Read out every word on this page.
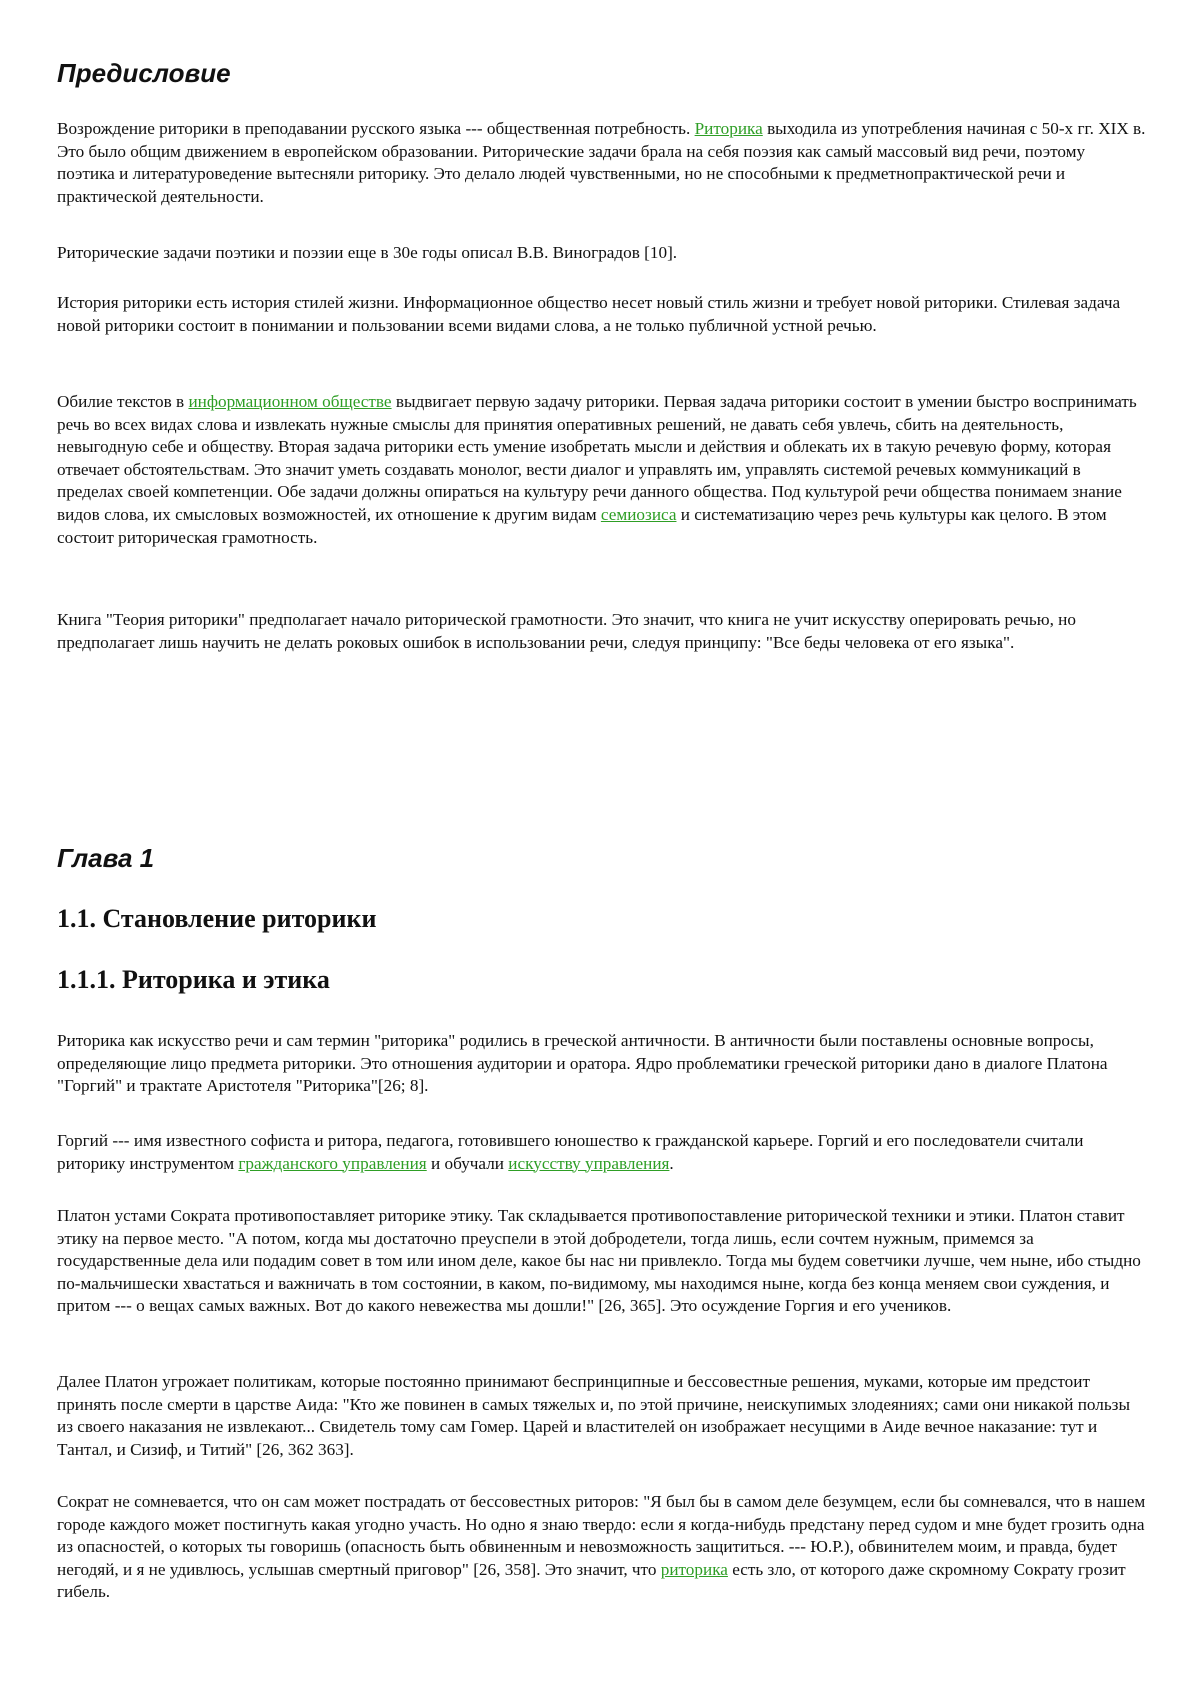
Предисловие

Возрождение риторики в преподавании русского языка --- общественная потребность. Риторика выходила из употребления начиная с 50-х гг. XIX в. Это было общим движением в европейском образовании. Риторические задачи брала на себя поэзия как самый массовый вид речи, поэтому поэтика и литературоведение вытесняли риторику. Это делало людей чувственными, но не способными к предметнопрактической речи и практической деятельности.

Риторические задачи поэтики и поэзии еще в 30е годы описал В.В. Виноградов [10].

История риторики есть история стилей жизни. Информационное общество несет новый стиль жизни и требует новой риторики. Стилевая задача новой риторики состоит в понимании и пользовании всеми видами слова, а не только публичной устной речью.

Обилие текстов в информационном обществе выдвигает первую задачу риторики. Первая задача риторики состоит в умении быстро воспринимать речь во всех видах слова и извлекать нужные смыслы для принятия оперативных решений, не давать себя увлечь, сбить на деятельность, невыгодную себе и обществу. Вторая задача риторики есть умение изобретать мысли и действия и облекать их в такую речевую форму, которая отвечает обстоятельствам. Это значит уметь создавать монолог, вести диалог и управлять им, управлять системой речевых коммуникаций в пределах своей компетенции. Обе задачи должны опираться на культуру речи данного общества. Под культурой речи общества понимаем знание видов слова, их смысловых возможностей, их отношение к другим видам семиозиса и систематизацию через речь культуры как целого. В этом состоит риторическая грамотность.

Книга "Теория риторики" предполагает начало риторической грамотности. Это значит, что книга не учит искусству оперировать речью, но предполагает лишь научить не делать роковых ошибок в использовании речи, следуя принципу: "Все беды человека от его языка".

Глава 1
1.1. Становление риторики
1.1.1. Риторика и этика

Риторика как искусство речи и сам термин "риторика" родились в греческой античности. В античности были поставлены основные вопросы, определяющие лицо предмета риторики. Это отношения аудитории и оратора. Ядро проблематики греческой риторики дано в диалоге Платона "Горгий" и трактате Аристотеля "Риторика"[26; 8].

Горгий --- имя известного софиста и ритора, педагога, готовившего юношество к гражданской карьере. Горгий и его последователи считали риторику инструментом гражданского управления и обучали искусству управления.

Платон устами Сократа противопоставляет риторике этику. Так складывается противопоставление риторической техники и этики. Платон ставит этику на первое место. "А потом, когда мы достаточно преуспели в этой добродетели, тогда лишь, если сочтем нужным, примемся за государственные дела или подадим совет в том или ином деле, какое бы нас ни привлекло. Тогда мы будем советчики лучше, чем ныне, ибо стыдно по-мальчишески хвастаться и важничать в том состоянии, в каком, по-видимому, мы находимся ныне, когда без конца меняем свои суждения, и притом --- о вещах самых важных. Вот до какого невежества мы дошли!" [26, 365]. Это осуждение Горгия и его учеников.

Далее Платон угрожает политикам, которые постоянно принимают беспринципные и бессовестные решения, муками, которые им предстоит принять после смерти в царстве Аида: "Кто же повинен в самых тяжелых и, по этой причине, неискупимых злодеяниях; сами они никакой пользы из своего наказания не извлекают... Свидетель тому сам Гомер. Царей и властителей он изображает несущими в Аиде вечное наказание: тут и Тантал, и Сизиф, и Титий" [26, 362 363].

Сократ не сомневается, что он сам может пострадать от бессовестных риторов: "Я был бы в самом деле безумцем, если бы сомневался, что в нашем городе каждого может постигнуть какая угодно участь. Но одно я знаю твердо: если я когда-нибудь предстану перед судом и мне будет грозить одна из опасностей, о которых ты говоришь (опасность быть обвиненным и невозможность защититься. --- Ю.Р.), обвинителем моим, и правда, будет негодяй, и я не удивлюсь, услышав смертный приговор" [26, 358]. Это значит, что риторика есть зло, от которого даже скромному Сократу грозит гибель.
